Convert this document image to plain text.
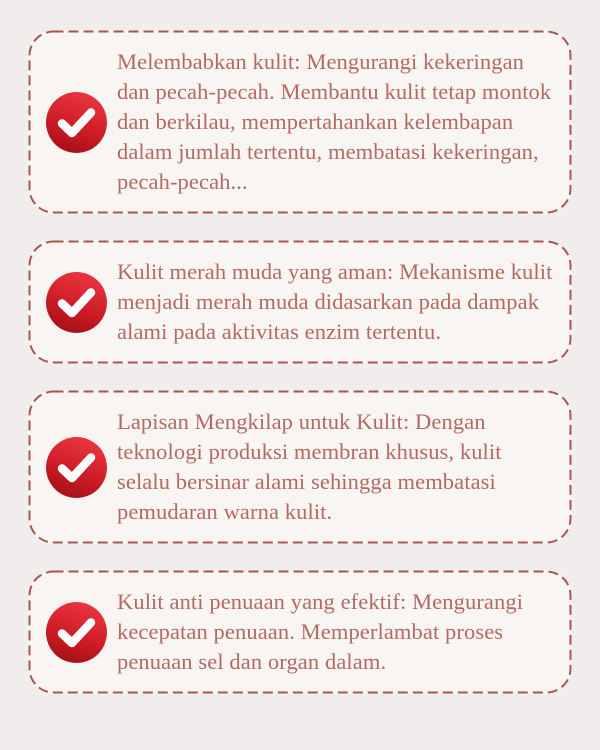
Melembabkan kulit: Mengurangi kekeringan dan pecah-pecah. Membantu kulit tetap montok dan berkilau, mempertahankan kelembapan dalam jumlah tertentu, membatasi kekeringan, pecah-pecah...

Kulit merah muda yang aman: Mekanisme kulit menjadi merah muda didasarkan pada dampak alami pada aktivitas enzim tertentu.

Lapisan Mengkilap untuk Kulit: Dengan teknologi produksi membran khusus, kulit selalu bersinar alami sehingga membatasi pemudaran warna kulit.

Kulit anti penuaan yang efektif: Mengurangi kecepatan penuaan. Memperlambat proses penuaan sel dan organ dalam.
